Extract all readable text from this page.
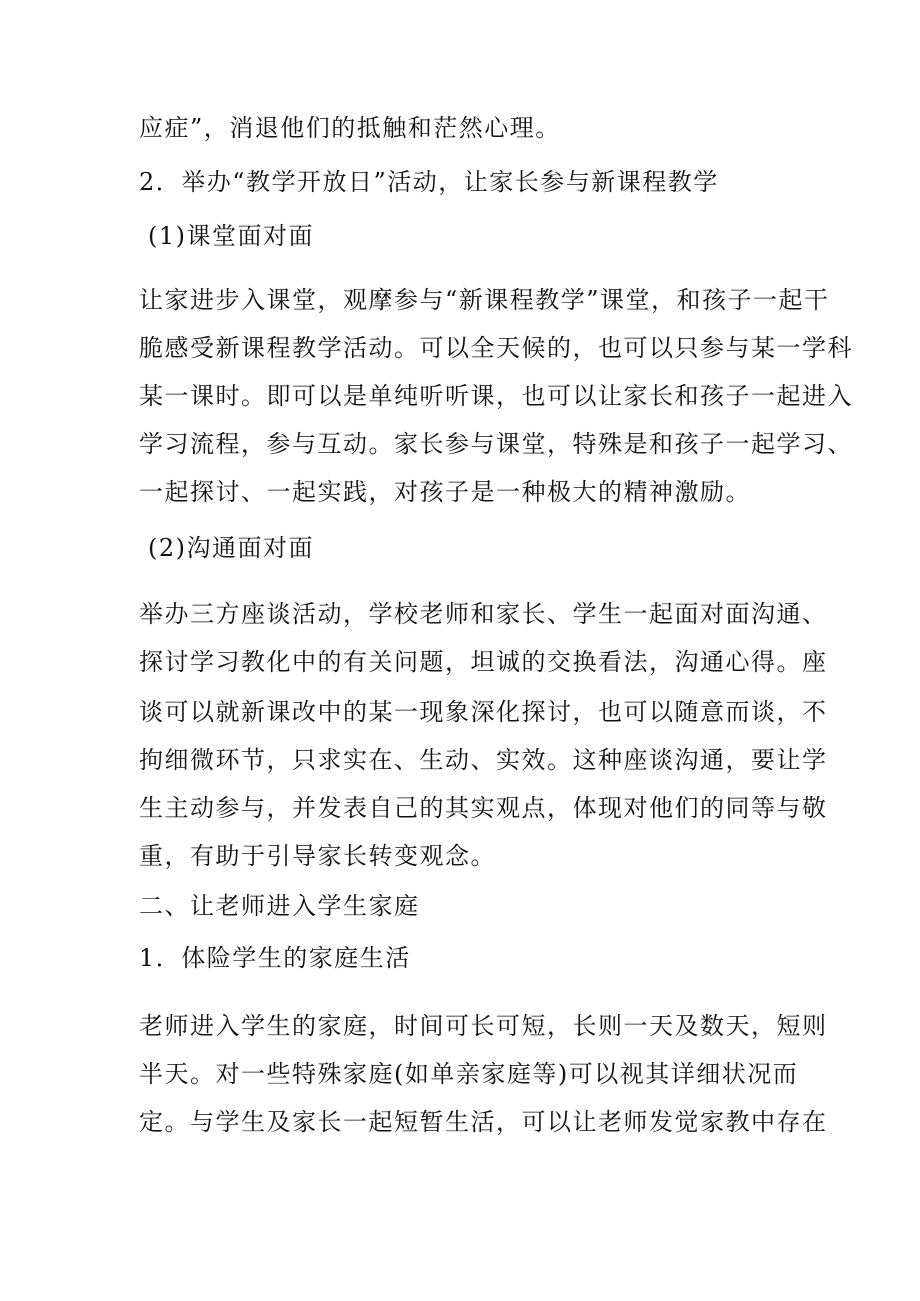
应症”，消退他们的抵触和茫然心理。
2．举办“教学开放日”活动，让家长参与新课程教学
(1)课堂面对面
让家进步入课堂，观摩参与“新课程教学”课堂，和孩子一起干
脆感受新课程教学活动。可以全天候的，也可以只参与某一学科
某一课时。即可以是单纯听听课，也可以让家长和孩子一起进入
学习流程，参与互动。家长参与课堂，特殊是和孩子一起学习、
一起探讨、一起实践，对孩子是一种极大的精神激励。
(2)沟通面对面
举办三方座谈活动，学校老师和家长、学生一起面对面沟通、
探讨学习教化中的有关问题，坦诚的交换看法，沟通心得。座
谈可以就新课改中的某一现象深化探讨，也可以随意而谈，不
拘细微环节，只求实在、生动、实效。这种座谈沟通，要让学
生主动参与，并发表自己的其实观点，体现对他们的同等与敬
重，有助于引导家长转变观念。
二、让老师进入学生家庭
1．体险学生的家庭生活
老师进入学生的家庭，时间可长可短，长则一天及数天，短则
半天。对一些特殊家庭(如单亲家庭等)可以视其详细状况而
定。与学生及家长一起短暂生活，可以让老师发觉家教中存在
